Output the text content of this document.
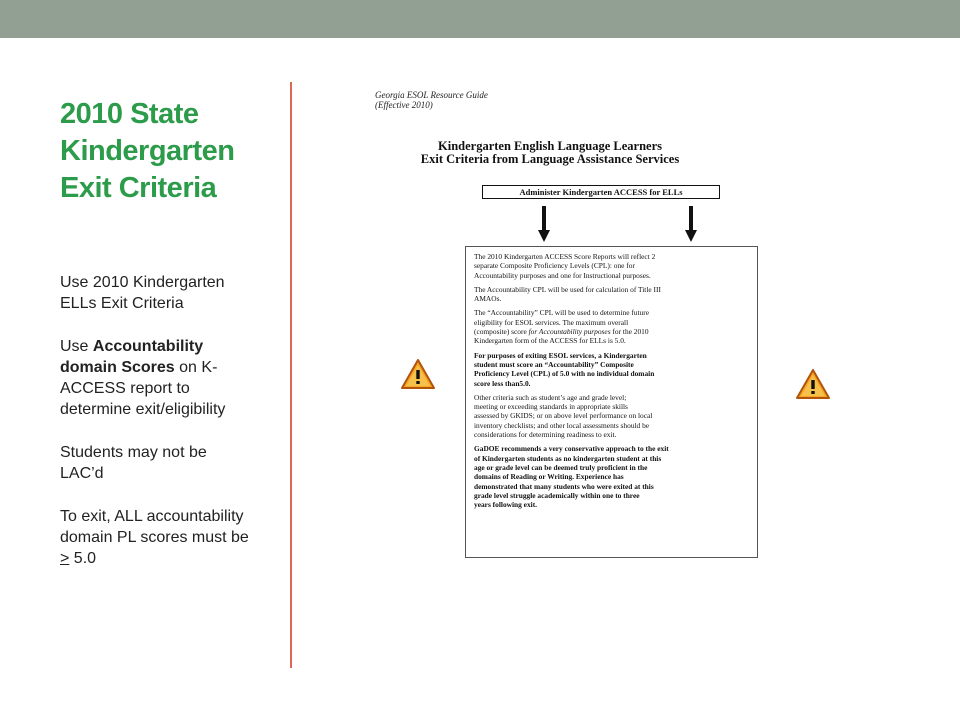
2010 State
Kindergarten
Exit Criteria
Use 2010 Kindergarten
ELLs Exit Criteria
Use Accountability
domain Scores on K-
ACCESS report to
determine exit/eligibility
Students may not be
LAC’d
To exit, ALL accountability
domain PL scores must be
> 5.0
Georgia ESOL Resource Guide
(Effective 2010)
Kindergarten English Language Learners
Exit Criteria from Language Assistance Services
Administer Kindergarten ACCESS for ELLs

The 2010 Kindergarten ACCESS Score Reports will reflect 2
separate Composite Proficiency Levels (CPL): one for
Accountability purposes and one for Instructional purposes.

The Accountability CPL will be used for calculation of Title III
AMAOs.

The “Accountability” CPL will be used to determine future
eligibility for ESOL services. The maximum overall
(composite) score for Accountability purposes for the 2010
Kindergarten form of the ACCESS for ELLs is 5.0.

For purposes of exiting ESOL services, a Kindergarten
student must score an “Accountability” Composite
Proficiency Level (CPL) of 5.0 with no individual domain
score less than5.0.

Other criteria such as student’s age and grade level;
meeting or exceeding standards in appropriate skills
assessed by GKIDS; or on above level performance on local
inventory checklists; and other local assessments should be
considerations for determining readiness to exit.

GaDOE recommends a very conservative approach to the exit
of Kindergarten students as no kindergarten student at this
age or grade level can be deemed truly proficient in the
domains of Reading or Writing. Experience has
demonstrated that many students who were exited at this
grade level struggle academically within one to three
years following exit.
